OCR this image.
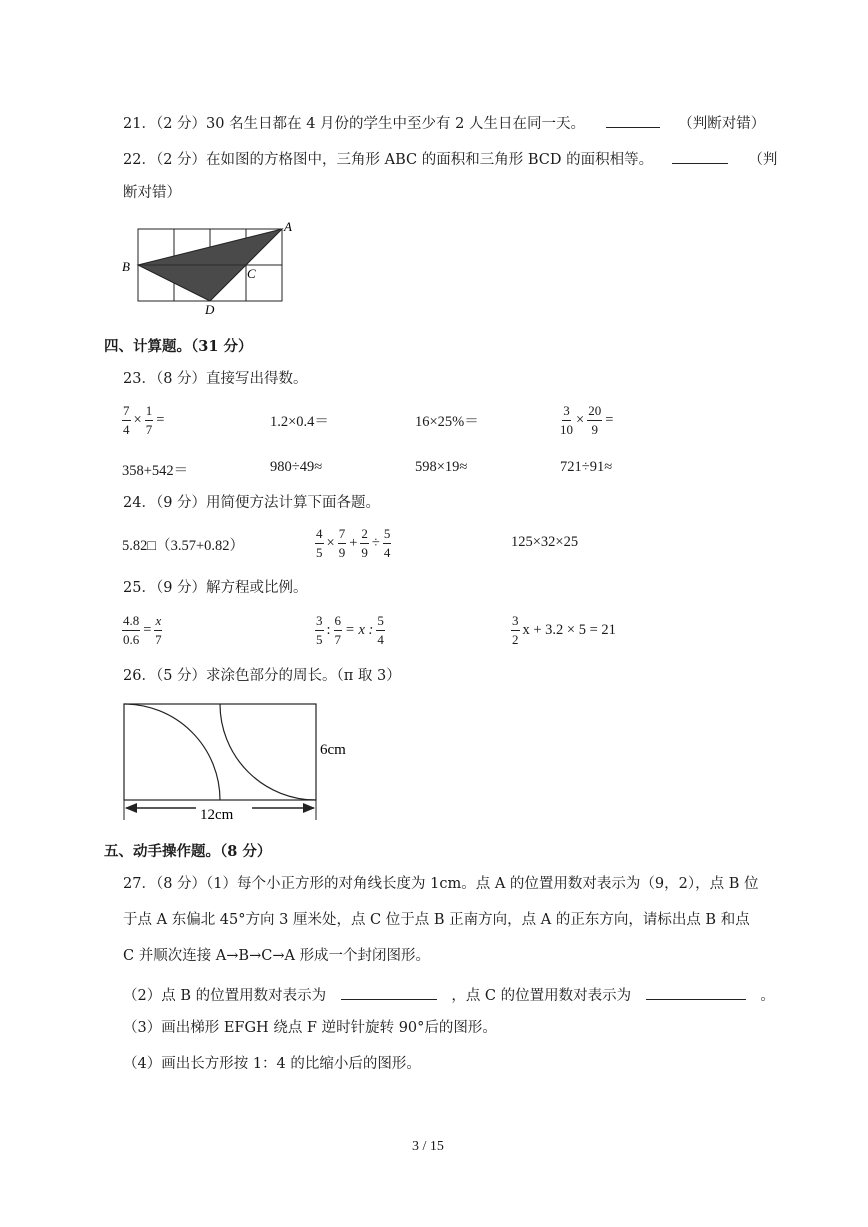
21．（2 分）30 名生日都在 4 月份的学生中至少有 2 人生日在同一天。	（判断对错）
22．（2 分）在如图的方格图中，三角形 ABC 的面积和三角形 BCD 的面积相等。	（判
断对错）
A
B	C
D
四、计算题。（31 分）
23．（8 分）直接写出得数。
$\frac{7}{4} \times \frac{1}{7}$ =	1.2×0.4＝	16×25%＝	$\frac{3}{10} \times \frac{20}{9}$ =
358+542＝	980÷49≈	598×19≈	721÷91≈
24．（9 分）用简便方法计算下面各题。
5.82□（3.57+0.82）	$\frac{4}{5} \times \frac{7}{9} + \frac{2}{9} \div \frac{5}{4}$	125×32×25
25．（9 分）解方程或比例。
$\frac{4.8}{0.6} = \frac{x}{7}$	$\frac{3}{5}$ : $\frac{6}{7} = x$ : $\frac{5}{4}$	$\frac{3}{2}$ x + 3.2 × 5 = 21
26．（5 分）求涂色部分的周长。（π 取 3）
12cm
6cm
五、动手操作题。（8 分）
27．（8 分）（1）每个小正方形的对角线长度为 1cm。点 A 的位置用数对表示为（9，2），点 B 位
于点 A 东偏北 45°方向 3 厘米处，点 C 位于点 B 正南方向，点 A 的正东方向，请标出点 B 和点
C 并顺次连接 A→B→C→A 形成一个封闭图形。
（2）点 B 的位置用数对表示为	，点 C 的位置用数对表示为	。
（3）画出梯形 EFGH 绕点 F 逆时针旋转 90°后的图形。
（4）画出长方形按 1：4 的比缩小后的图形。
3 / 15
